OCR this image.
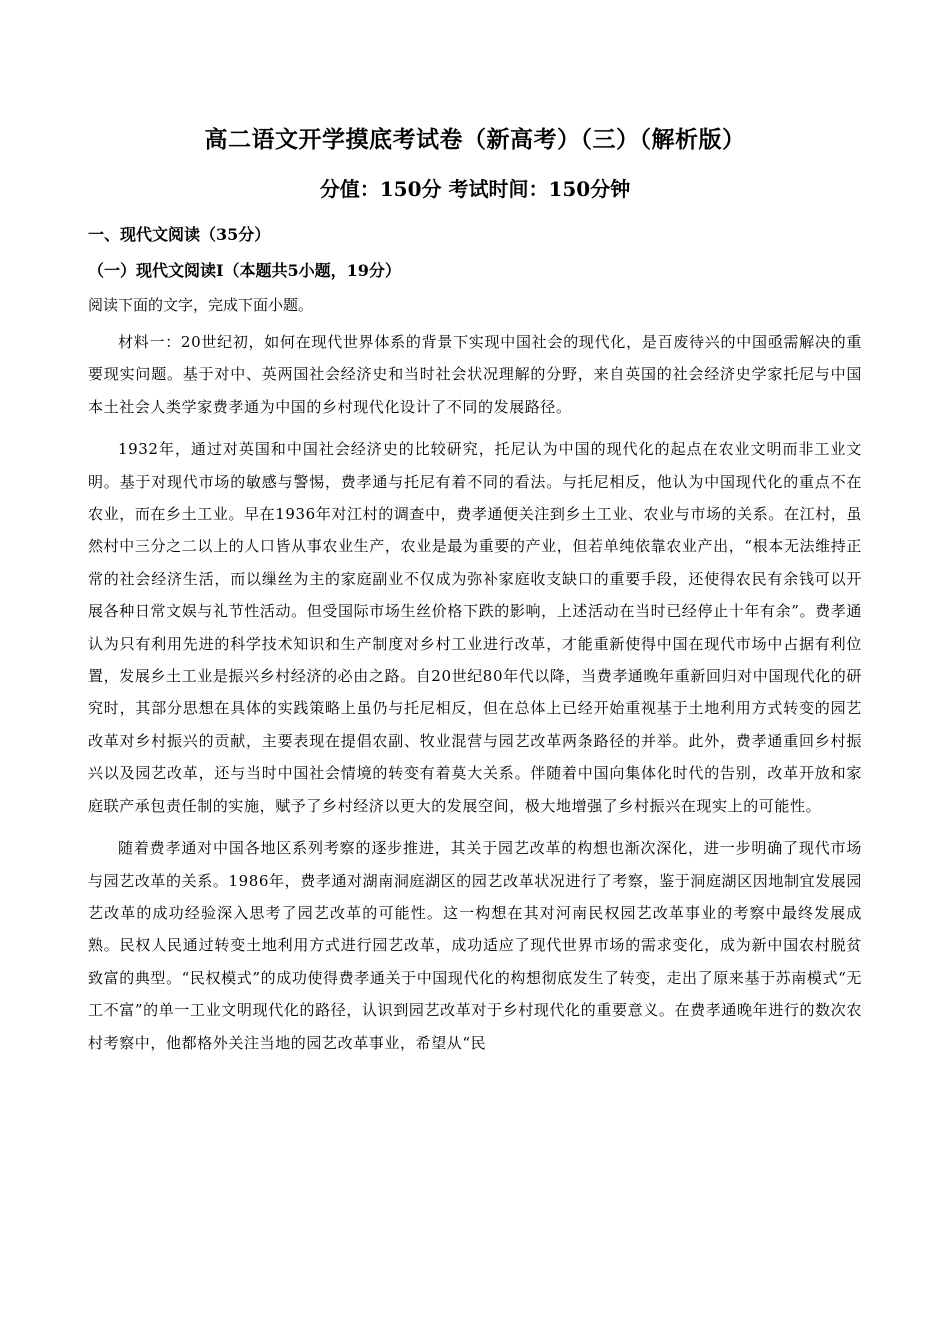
高二语文开学摸底考试卷（新高考）（三）（解析版）
分值：150分 考试时间：150分钟
一、现代文阅读（35分）
（一）现代文阅读Ⅰ（本题共5小题，19分）
阅读下面的文字，完成下面小题。

材料一：20世纪初，如何在现代世界体系的背景下实现中国社会的现代化，是百废待兴的中国亟需解决的重要现实问题。基于对中、英两国社会经济史和当时社会状况理解的分野，来自英国的社会经济史学家托尼与中国本土社会人类学家费孝通为中国的乡村现代化设计了不同的发展路径。

1932年，通过对英国和中国社会经济史的比较研究，托尼认为中国的现代化的起点在农业文明而非工业文明。基于对现代市场的敏感与警惕，费孝通与托尼有着不同的看法。与托尼相反，他认为中国现代化的重点不在农业，而在乡土工业。早在1936年对江村的调查中，费孝通便关注到乡土工业、农业与市场的关系。在江村，虽然村中三分之二以上的人口皆从事农业生产，农业是最为重要的产业，但若单纯依靠农业产出，“根本无法维持正常的社会经济生活，而以缫丝为主的家庭副业不仅成为弥补家庭收支缺口的重要手段，还使得农民有余钱可以开展各种日常文娱与礼节性活动。但受国际市场生丝价格下跌的影响，上述活动在当时已经停止十年有余”。费孝通认为只有利用先进的科学技术知识和生产制度对乡村工业进行改革，才能重新使得中国在现代市场中占据有利位置，发展乡土工业是振兴乡村经济的必由之路。自20世纪80年代以降，当费孝通晚年重新回归对中国现代化的研究时，其部分思想在具体的实践策略上虽仍与托尼相反，但在总体上已经开始重视基于土地利用方式转变的园艺改革对乡村振兴的贡献，主要表现在提倡农副、牧业混营与园艺改革两条路径的并举。此外，费孝通重回乡村振兴以及园艺改革，还与当时中国社会情境的转变有着莫大关系。伴随着中国向集体化时代的告别，改革开放和家庭联产承包责任制的实施，赋予了乡村经济以更大的发展空间，极大地增强了乡村振兴在现实上的可能性。

随着费孝通对中国各地区系列考察的逐步推进，其关于园艺改革的构想也渐次深化，进一步明确了现代市场与园艺改革的关系。1986年，费孝通对湖南洞庭湖区的园艺改革状况进行了考察，鉴于洞庭湖区因地制宜发展园艺改革的成功经验深入思考了园艺改革的可能性。这一构想在其对河南民权园艺改革事业的考察中最终发展成熟。民权人民通过转变土地利用方式进行园艺改革，成功适应了现代世界市场的需求变化，成为新中国农村脱贫致富的典型。“民权模式”的成功使得费孝通关于中国现代化的构想彻底发生了转变，走出了原来基于苏南模式“无工不富”的单一工业文明现代化的路径，认识到园艺改革对于乡村现代化的重要意义。在费孝通晚年进行的数次农村考察中，他都格外关注当地的园艺改革事业，希望从“民
